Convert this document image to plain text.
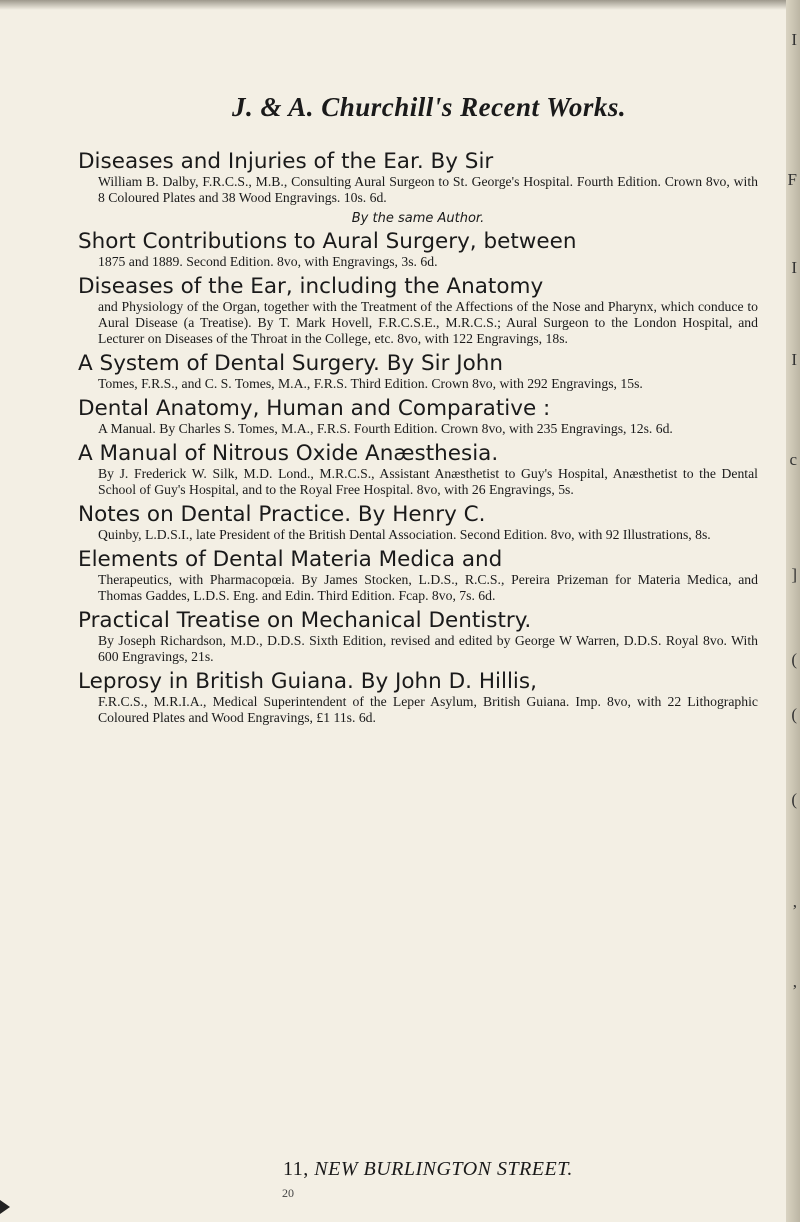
J. & A. Churchill's Recent Works.

Diseases and Injuries of the Ear. By Sir

William B. Dalby, F.R.C.S., M.B., Consulting Aural Surgeon to St. George's Hospital. Fourth Edition. Crown 8vo, with 8 Coloured Plates and 38 Wood Engravings. 10s. 6d.

By the same Author.

Short Contributions to Aural Surgery, between

1875 and 1889. Second Edition. 8vo, with Engravings, 3s. 6d.

Diseases of the Ear, including the Anatomy

and Physiology of the Organ, together with the Treatment of the Affections of the Nose and Pharynx, which conduce to Aural Disease (a Treatise). By T. Mark Hovell, F.R.C.S.E., M.R.C.S.; Aural Surgeon to the London Hospital, and Lecturer on Diseases of the Throat in the College, etc. 8vo, with 122 Engravings, 18s.

A System of Dental Surgery. By Sir John

Tomes, F.R.S., and C. S. Tomes, M.A., F.R.S. Third Edition. Crown 8vo, with 292 Engravings, 15s.

Dental Anatomy, Human and Comparative :

A Manual. By Charles S. Tomes, M.A., F.R.S. Fourth Edition. Crown 8vo, with 235 Engravings, 12s. 6d.

A Manual of Nitrous Oxide Anæsthesia.

By J. Frederick W. Silk, M.D. Lond., M.R.C.S., Assistant Anæsthetist to Guy's Hospital, Anæsthetist to the Dental School of Guy's Hospital, and to the Royal Free Hospital. 8vo, with 26 Engravings, 5s.

Notes on Dental Practice. By Henry C.

Quinby, L.D.S.I., late President of the British Dental Association. Second Edition. 8vo, with 92 Illustrations, 8s.

Elements of Dental Materia Medica and

Therapeutics, with Pharmacopœia. By James Stocken, L.D.S., R.C.S., Pereira Prizeman for Materia Medica, and Thomas Gaddes, L.D.S. Eng. and Edin. Third Edition. Fcap. 8vo, 7s. 6d.

Practical Treatise on Mechanical Dentistry.

By Joseph Richardson, M.D., D.D.S. Sixth Edition, revised and edited by George W Warren, D.D.S. Royal 8vo. With 600 Engravings, 21s.

Leprosy in British Guiana. By John D. Hillis,

F.R.C.S., M.R.I.A., Medical Superintendent of the Leper Asylum, British Guiana. Imp. 8vo, with 22 Lithographic Coloured Plates and Wood Engravings, £1 11s. 6d.

11, NEW BURLINGTON STREET.
20
I
F
I
I
c
]
(
(
(
,
,
